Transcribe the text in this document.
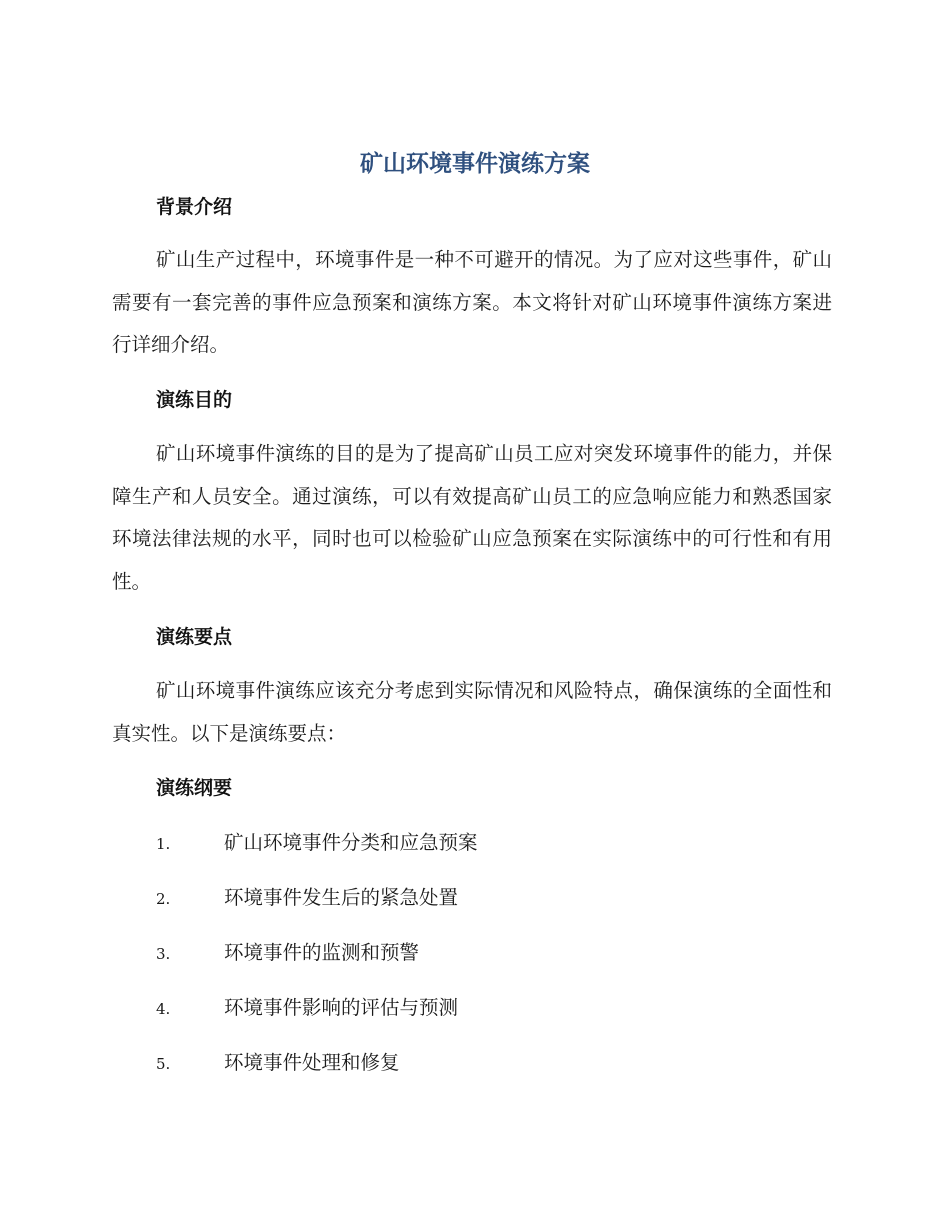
矿山环境事件演练方案
背景介绍

矿山生产过程中，环境事件是一种不可避开的情况。为了应对这些事件，矿山需要有一套完善的事件应急预案和演练方案。本文将针对矿山环境事件演练方案进行详细介绍。

演练目的

矿山环境事件演练的目的是为了提高矿山员工应对突发环境事件的能力，并保障生产和人员安全。通过演练，可以有效提高矿山员工的应急响应能力和熟悉国家环境法律法规的水平，同时也可以检验矿山应急预案在实际演练中的可行性和有用性。

演练要点

矿山环境事件演练应该充分考虑到实际情况和风险特点，确保演练的全面性和真实性。以下是演练要点：

演练纲要
1.	矿山环境事件分类和应急预案
2.	环境事件发生后的紧急处置
3.	环境事件的监测和预警
4.	环境事件影响的评估与预测
5.	环境事件处理和修复
